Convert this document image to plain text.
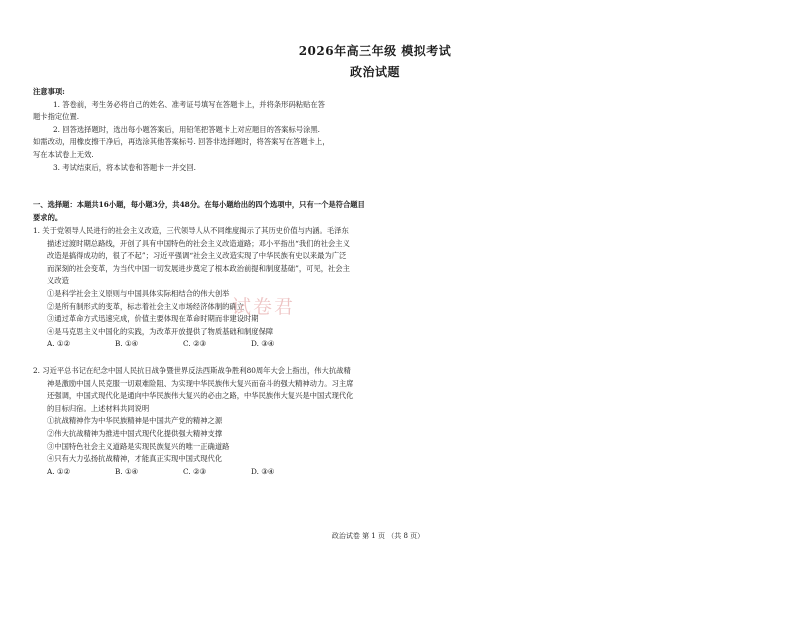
2026年高三年级 模拟考试
政治试题
注意事项:
1. 答卷前，考生务必将自己的姓名、准考证号填写在答题卡上，并将条形码粘贴在答
题卡指定位置.
2. 回答选择题时，选出每小题答案后，用铅笔把答题卡上对应题目的答案标号涂黑.
如需改动，用橡皮擦干净后，再选涂其他答案标号. 回答非选择题时，将答案写在答题卡上，
写在本试卷上无效.
3. 考试结束后，将本试卷和答题卡一并交回.
一、选择题：本题共16小题，每小题3分，共48分。在每小题给出的四个选项中，只有一个是符合题目
要求的。
1. 关于党领导人民进行的社会主义改造，三代领导人从不同维度揭示了其历史价值与内涵。毛泽东
描述过渡时期总路线，开创了具有中国特色的社会主义改造道路；邓小平指出“我们的社会主义
改造是搞得成功的，很了不起”；习近平强调“社会主义改造实现了中华民族有史以来最为广泛
而深刻的社会变革，为当代中国一切发展进步奠定了根本政治前提和制度基础”，可见，社会主
义改造
①是科学社会主义原则与中国具体实际相结合的伟大创举
②是所有制形式的变革，标志着社会主义市场经济体制的确立
③通过革命方式迅速完成，价值主要体现在革命时期而非建设时期
④是马克思主义中国化的实践，为改革开放提供了物质基础和制度保障
A. ①②	B. ①④	C. ②③	D. ③④
2. 习近平总书记在纪念中国人民抗日战争暨世界反法西斯战争胜利80周年大会上指出，伟大抗战精
神是激励中国人民克服一切艰难险阻、为实现中华民族伟大复兴而奋斗的强大精神动力。习主席
还强调，中国式现代化是通向中华民族伟大复兴的必由之路，中华民族伟大复兴是中国式现代化
的目标归宿。上述材料共同说明
①抗战精神作为中华民族精神是中国共产党的精神之源
②伟大抗战精神为推进中国式现代化提供强大精神支撑
③中国特色社会主义道路是实现民族复兴的唯一正确道路
④只有大力弘扬抗战精神，才能真正实现中国式现代化
A. ①②	B. ①④	C. ②③	D. ③④
试卷君
政治试卷 第 1 页 （共 8 页）
